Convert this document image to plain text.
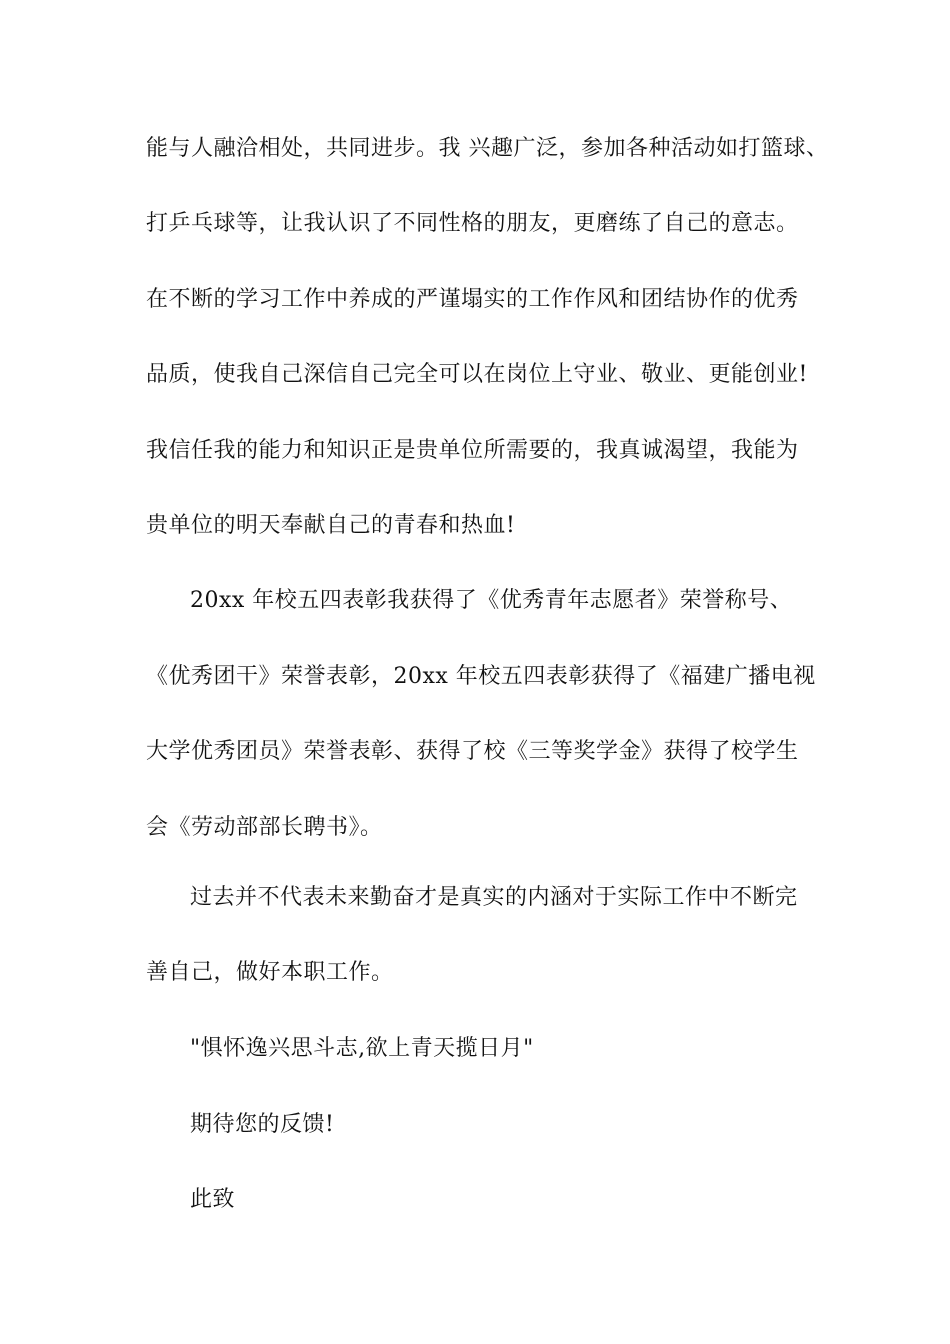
能与人融洽相处，共同进步。我 兴趣广泛，参加各种活动如打篮球、
打乒乓球等，让我认识了不同性格的朋友，更磨练了自己的意志。
在不断的学习工作中养成的严谨塌实的工作作风和团结协作的优秀
品质，使我自己深信自己完全可以在岗位上守业、敬业、更能创业!
我信任我的能力和知识正是贵单位所需要的，我真诚渴望，我能为
贵单位的明天奉献自己的青春和热血!
20xx 年校五四表彰我获得了《优秀青年志愿者》荣誉称号、
《优秀团干》荣誉表彰，20xx 年校五四表彰获得了《福建广播电视
大学优秀团员》荣誉表彰、获得了校《三等奖学金》获得了校学生
会《劳动部部长聘书》。
过去并不代表未来勤奋才是真实的内涵对于实际工作中不断完
善自己，做好本职工作。
"惧怀逸兴思斗志,欲上青天揽日月"
期待您的反馈!
此致
